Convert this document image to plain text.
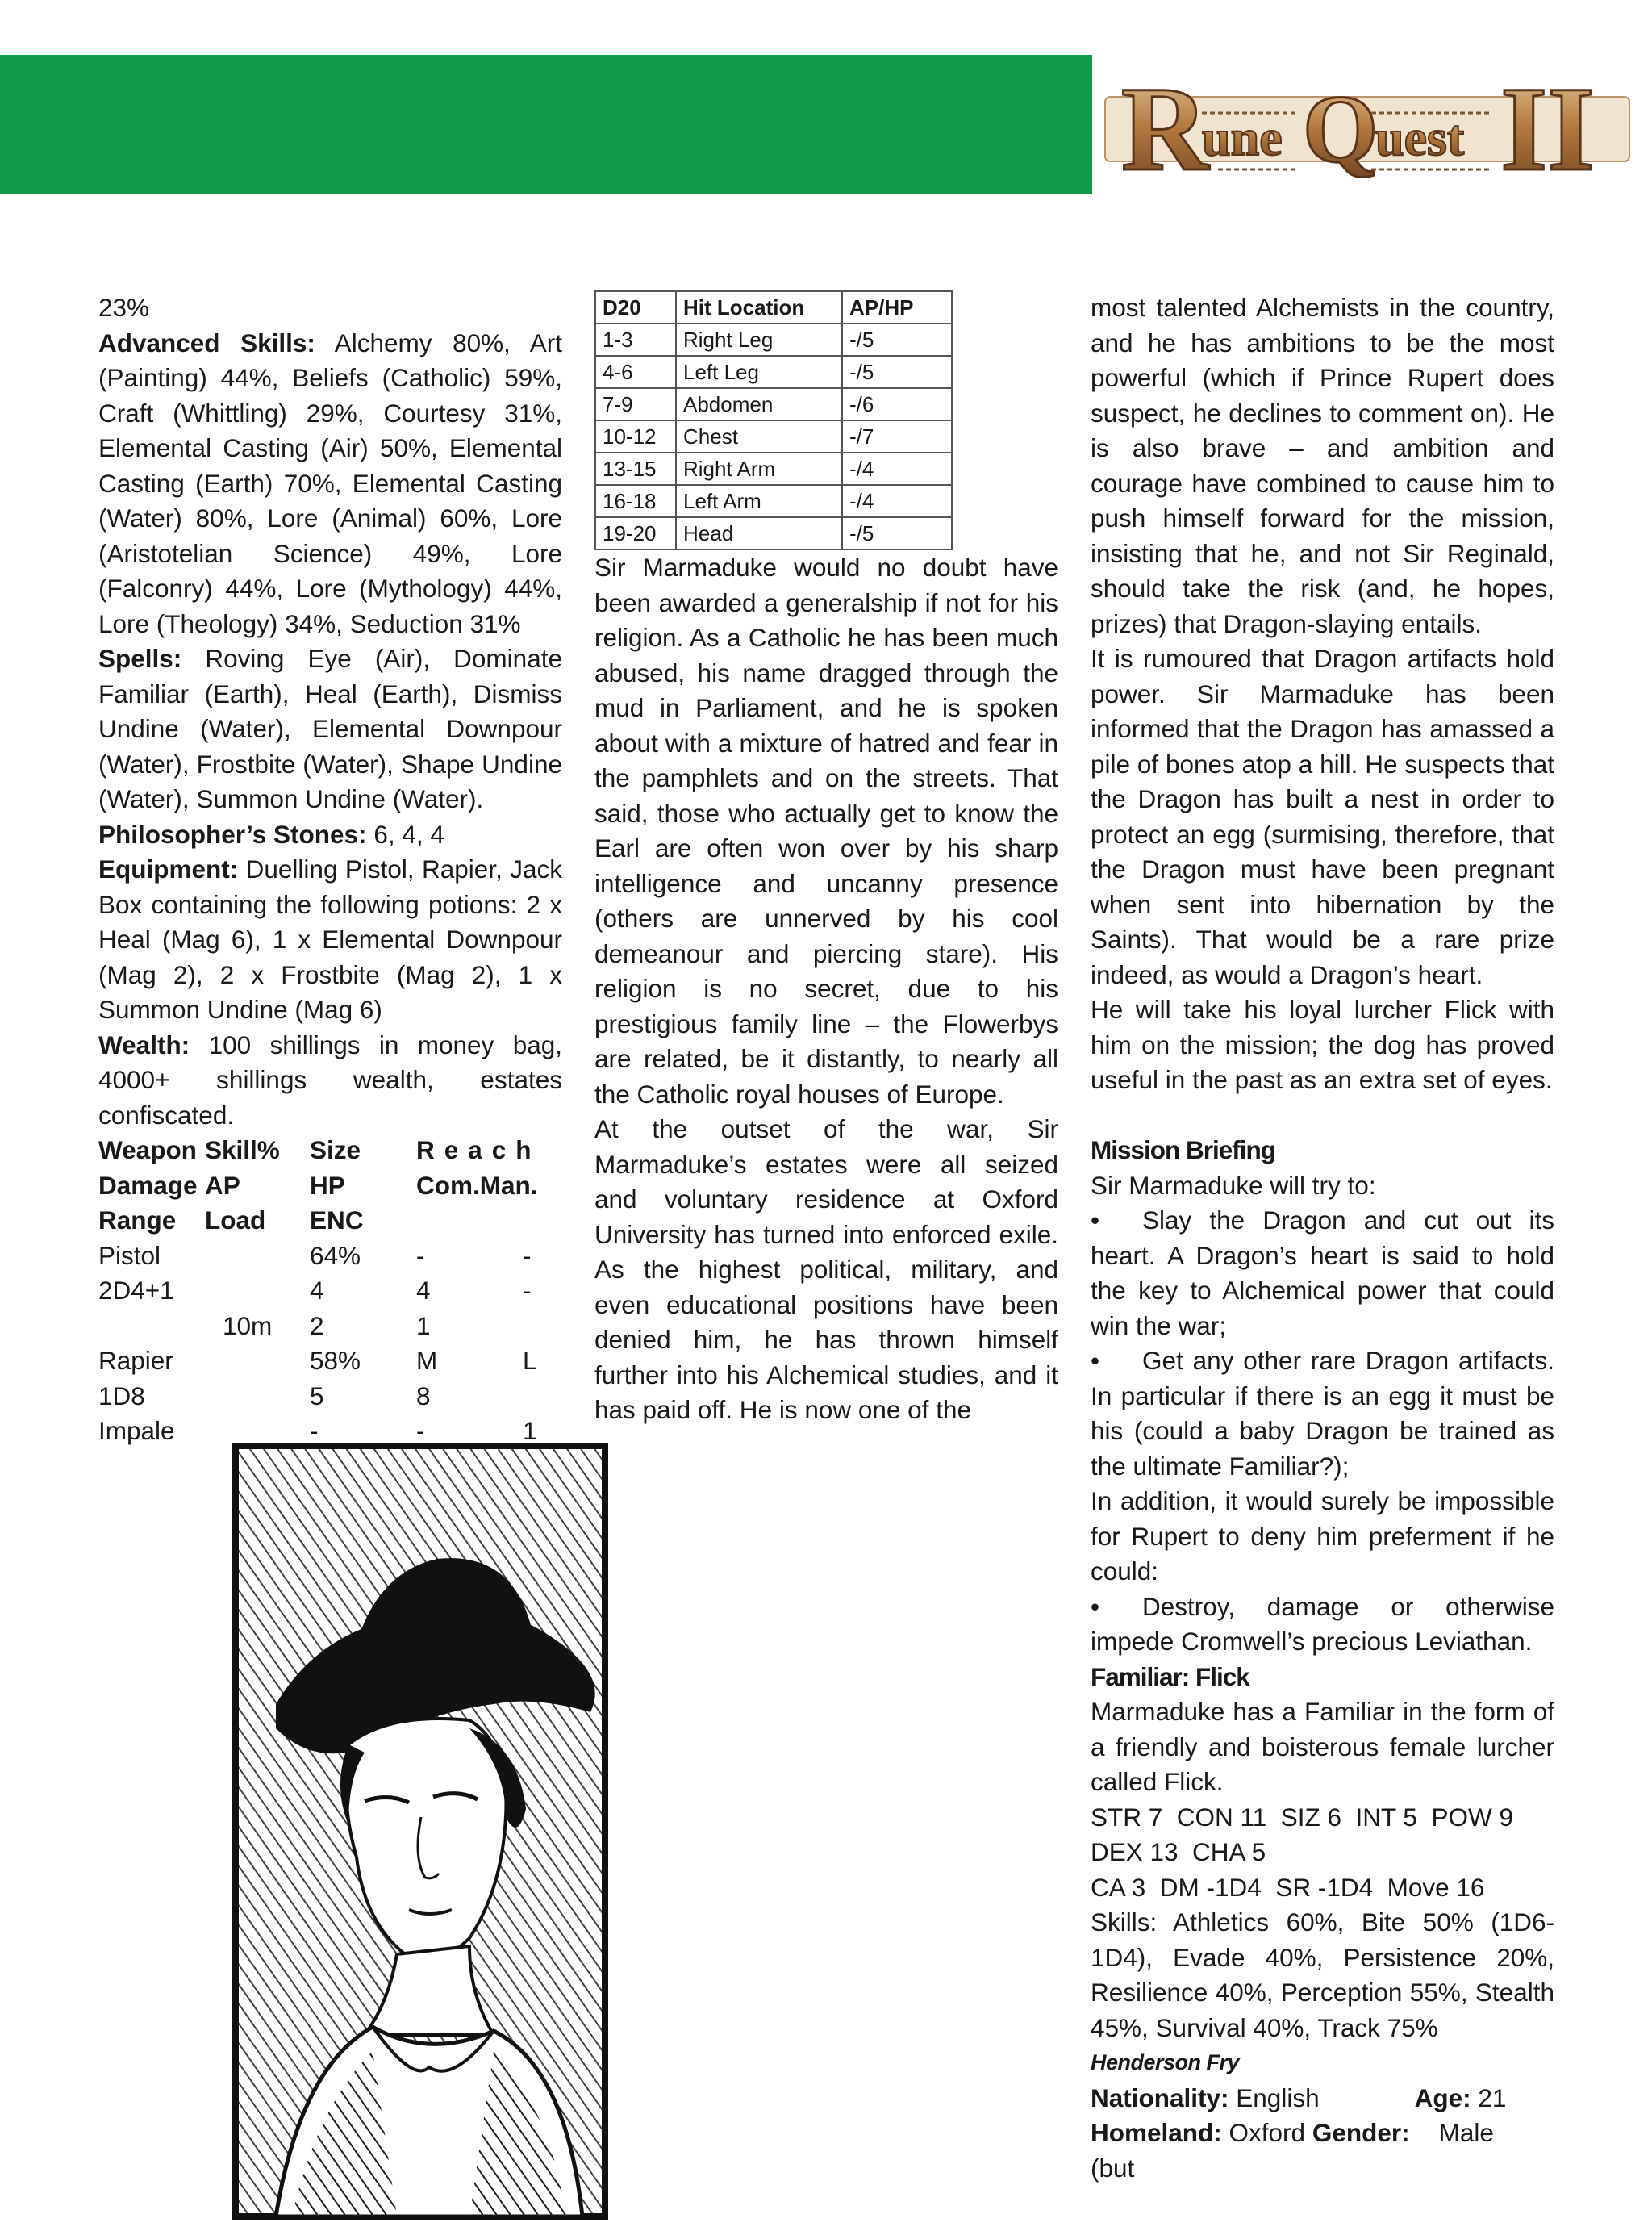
R
une Q
uest II

23%

Advanced Skills: Alchemy 80%, Art (Painting) 44%, Beliefs (Catholic) 59%, Craft (Whittling) 29%, Courtesy 31%, Elemental Casting (Air) 50%, Elemental Casting (Earth) 70%, Elemental Casting (Water) 80%, Lore (Animal) 60%, Lore (Aristotelian Science) 49%, Lore (Falconry) 44%, Lore (Mythology) 44%, Lore (Theology) 34%, Seduction 31%

Spells: Roving Eye (Air), Dominate Familiar (Earth), Heal (Earth), Dismiss Undine (Water), Elemental Downpour (Water), Frostbite (Water), Shape Undine (Water), Summon Undine (Water).

Philosopher’s Stones: 6, 4, 4

Equipment: Duelling Pistol, Rapier, Jack Box containing the following potions: 2 x Heal (Mag 6), 1 x Elemental Downpour (Mag 2), 2 x Frostbite (Mag 2), 1 x Summon Undine (Mag 6)

Wealth: 100 shillings in money bag, 4000+ shillings wealth, estates confiscated.

Weapon	Skill%	Size	Reach	
Damage	AP	HP	Com.Man.	
Range	Load	ENC		
Pistol		64%	-	-
2D4+1		4	4	-
	10m	2	1	
Rapier		58%	M	L
1D8		5	8	
Impale		-	-	1
D20	Hit Location	AP/HP
1-3	Right Leg	-/5
4-6	Left Leg	-/5
7-9	Abdomen	-/6
10-12	Chest	-/7
13-15	Right Arm	-/4
16-18	Left Arm	-/4
19-20	Head	-/5

Sir Marmaduke would no doubt have been awarded a generalship if not for his religion. As a Catholic he has been much abused, his name dragged through the mud in Parliament, and he is spoken about with a mixture of hatred and fear in the pamphlets and on the streets. That said, those who actually get to know the Earl are often won over by his sharp intelligence and uncanny presence (others are unnerved by his cool demeanour and piercing stare). His religion is no secret, due to his prestigious family line – the Flowerbys are related, be it distantly, to nearly all the Catholic royal houses of Europe.

At the outset of the war, Sir Marmaduke’s estates were all seized and voluntary residence at Oxford University has turned into enforced exile. As the highest political, military, and even educational positions have been denied him, he has thrown himself further into his Alchemical studies, and it has paid off. He is now one of the

most talented Alchemists in the country, and he has ambitions to be the most powerful (which if Prince Rupert does suspect, he declines to comment on). He is also brave – and ambition and courage have combined to cause him to push himself forward for the mission, insisting that he, and not Sir Reginald, should take the risk (and, he hopes, prizes) that Dragon-slaying entails.

It is rumoured that Dragon artifacts hold power. Sir Marmaduke has been informed that the Dragon has amassed a pile of bones atop a hill. He suspects that the Dragon has built a nest in order to protect an egg (surmising, therefore, that the Dragon must have been pregnant when sent into hibernation by the Saints). That would be a rare prize indeed, as would a Dragon’s heart.

He will take his loyal lurcher Flick with him on the mission; the dog has proved useful in the past as an extra set of eyes.

Mission Briefing

Sir Marmaduke will try to:

• Slay the Dragon and cut out its heart. A Dragon’s heart is said to hold the key to Alchemical power that could win the war;

• Get any other rare Dragon artifacts. In particular if there is an egg it must be his (could a baby Dragon be trained as the ultimate Familiar?);

In addition, it would surely be impossible for Rupert to deny him preferment if he could:

• Destroy, damage or otherwise impede Cromwell’s precious Leviathan.

Familiar: Flick

Marmaduke has a Familiar in the form of a friendly and boisterous female lurcher called Flick.

STR 7  CON 11  SIZ 6  INT 5  POW 9  DEX 13  CHA 5

CA 3  DM -1D4  SR -1D4  Move 16

Skills: Athletics 60%, Bite 50% (1D6-1D4), Evade 40%, Persistence 20%, Resilience 40%, Perception 55%, Stealth 45%, Survival 40%, Track 75%

Henderson Fry

Nationality: English	Age: 21

Homeland: Oxford Gender: Male (but
